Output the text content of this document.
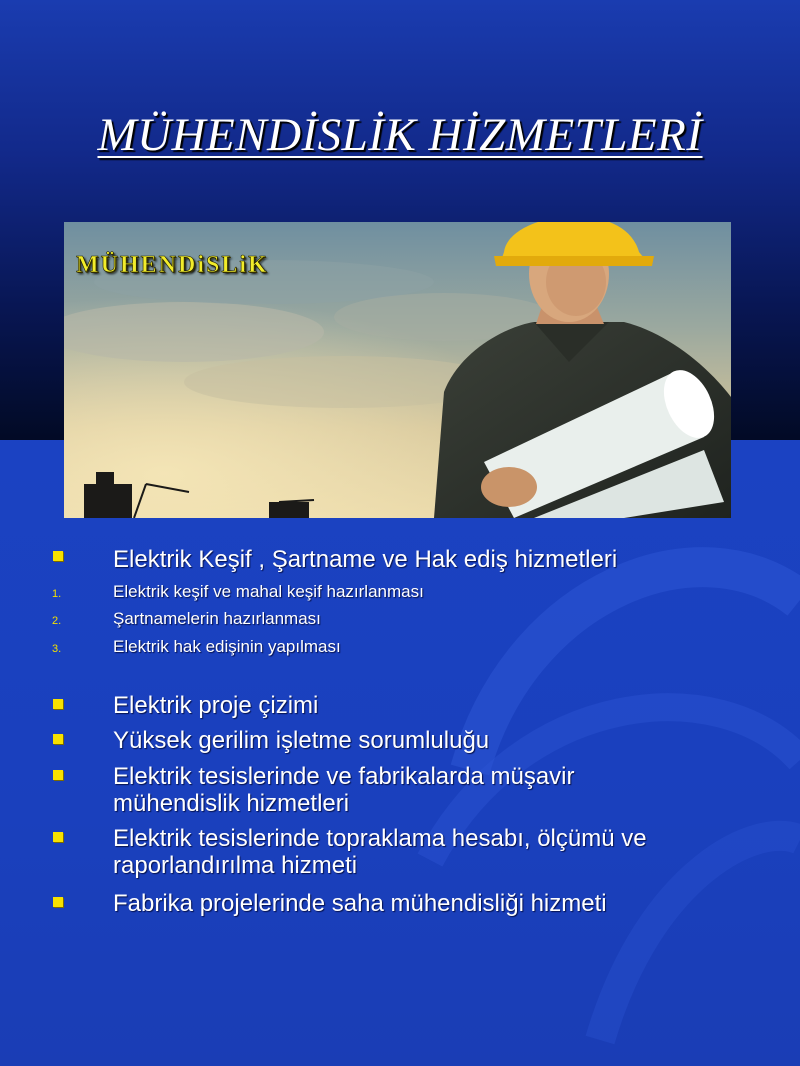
MÜHENDİSLİK HİZMETLERİ
MÜHENDiSLiK
Elektrik Keşif , Şartname ve Hak ediş hizmetleri
1.	Elektrik keşif ve mahal keşif hazırlanması
2.	Şartnamelerin hazırlanması
3.	Elektrik hak edişinin yapılması
Elektrik proje çizimi
Yüksek gerilim işletme sorumluluğu
Elektrik tesislerinde ve fabrikalarda müşavir mühendislik hizmetleri
Elektrik tesislerinde topraklama hesabı, ölçümü ve raporlandırılma hizmeti
Fabrika projelerinde saha mühendisliği hizmeti
